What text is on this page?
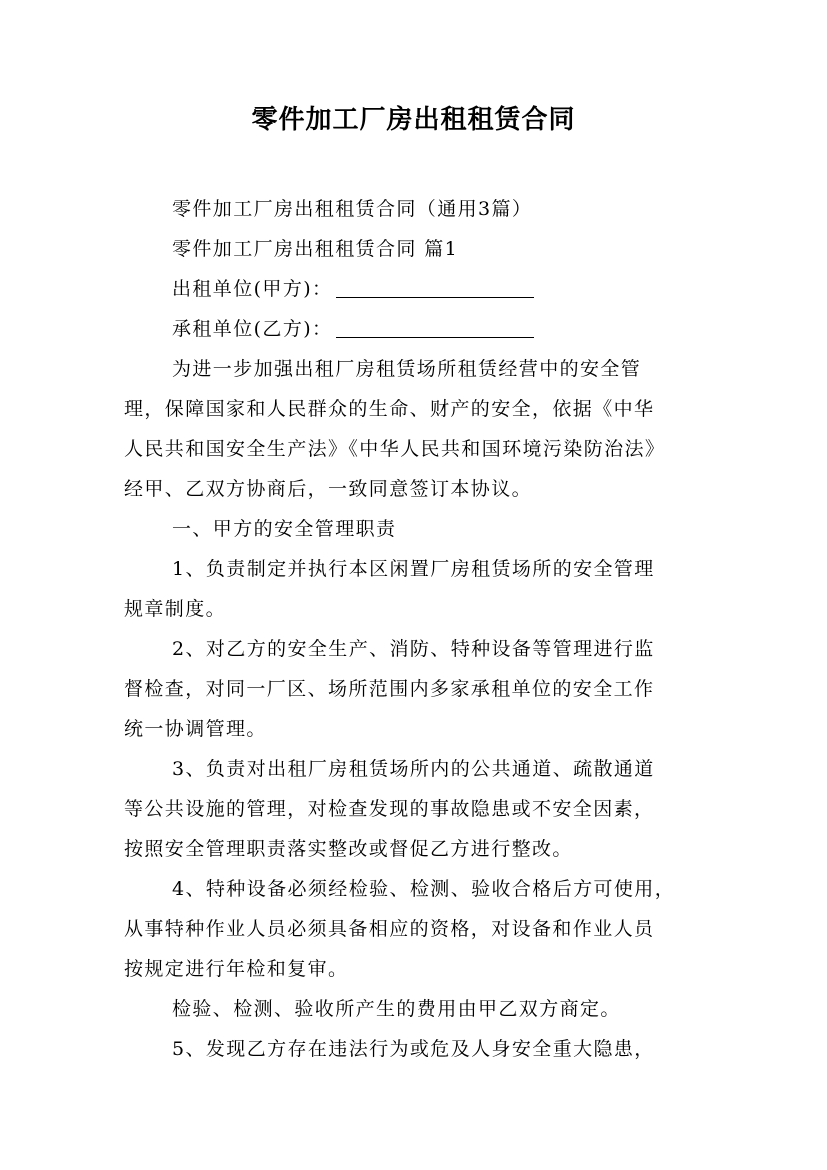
零件加工厂房出租租赁合同
零件加工厂房出租租赁合同（通用3篇）
零件加工厂房出租租赁合同 篇1
出租单位(甲方)：
承租单位(乙方)：
为进一步加强出租厂房租赁场所租赁经营中的安全管
理，保障国家和人民群众的生命、财产的安全，依据《中华
人民共和国安全生产法》《中华人民共和国环境污染防治法》
经甲、乙双方协商后，一致同意签订本协议。
一、甲方的安全管理职责
1、负责制定并执行本区闲置厂房租赁场所的安全管理
规章制度。
2、对乙方的安全生产、消防、特种设备等管理进行监
督检查，对同一厂区、场所范围内多家承租单位的安全工作
统一协调管理。
3、负责对出租厂房租赁场所内的公共通道、疏散通道
等公共设施的管理，对检查发现的事故隐患或不安全因素，
按照安全管理职责落实整改或督促乙方进行整改。
4、特种设备必须经检验、检测、验收合格后方可使用，
从事特种作业人员必须具备相应的资格，对设备和作业人员
按规定进行年检和复审。
检验、检测、验收所产生的费用由甲乙双方商定。
5、发现乙方存在违法行为或危及人身安全重大隐患，
